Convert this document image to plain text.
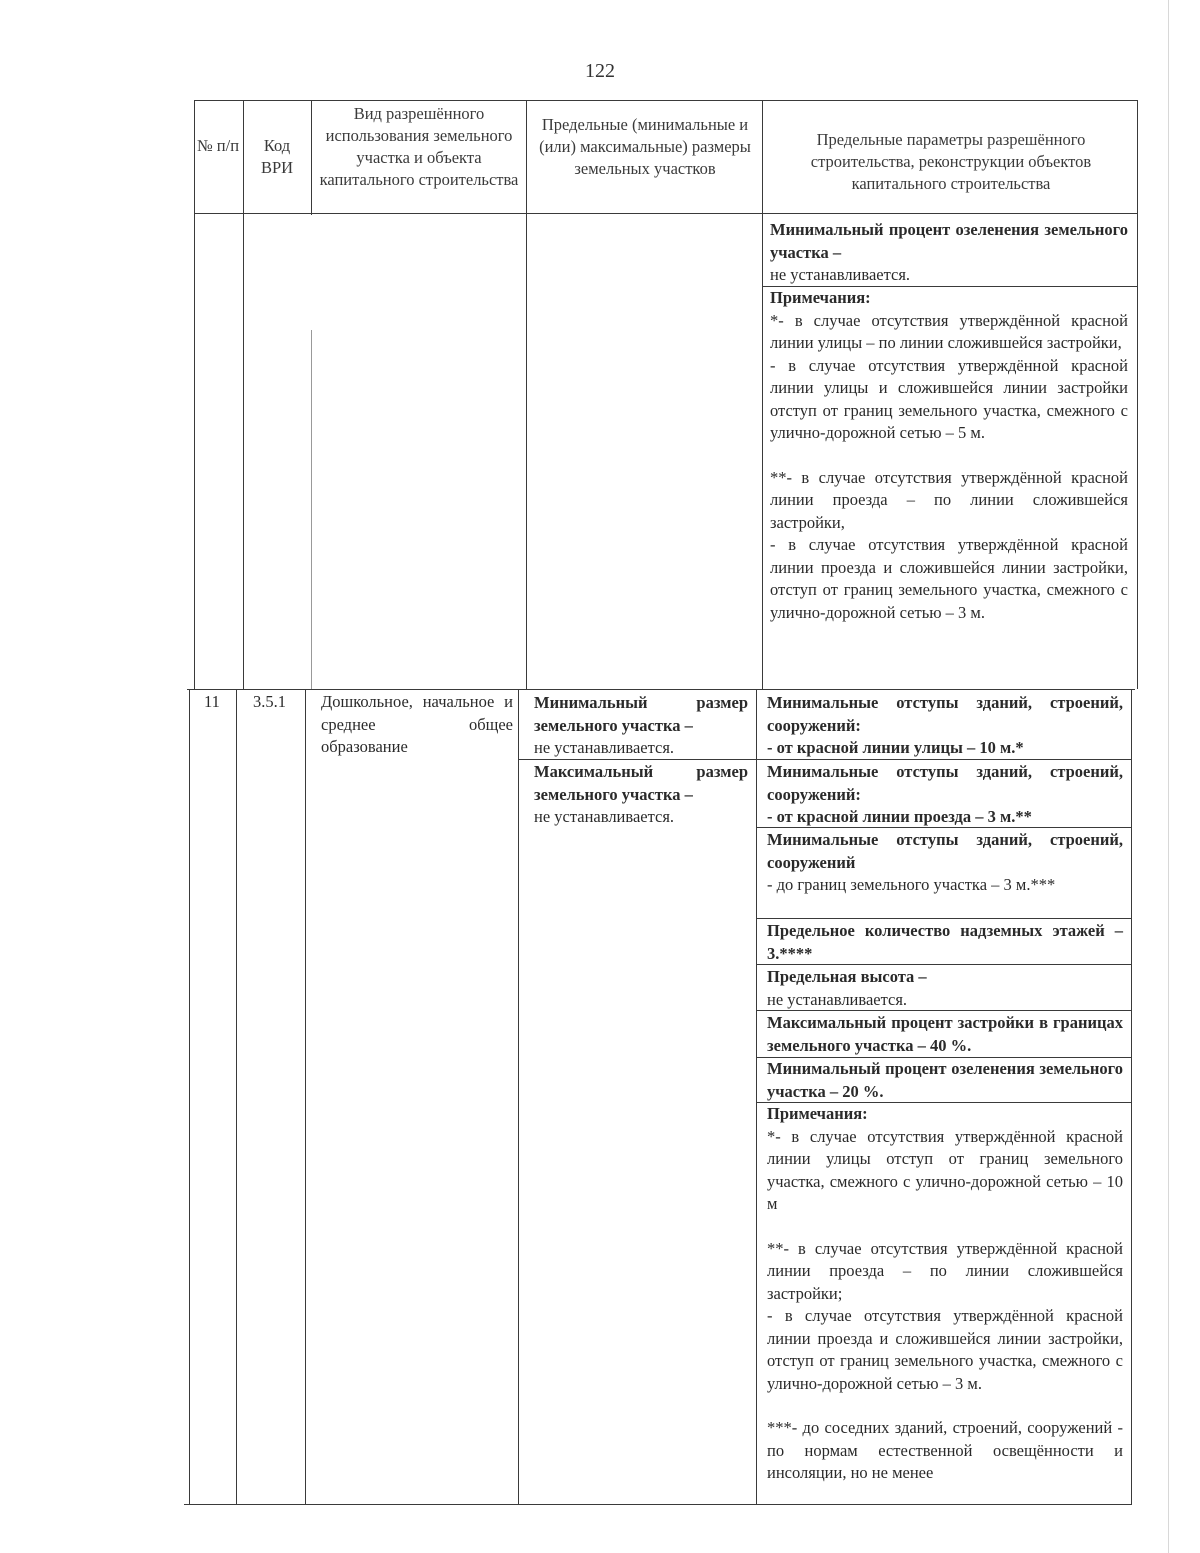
122
№ п/п	Код ВРИ
Вид разрешённого использования земельного участка и объекта капитального строительства
Предельные (минимальные и (или) максимальные) размеры земельных участков
Предельные параметры разрешённого строительства, реконструкции объектов капитального строительства
Минимальный процент озеленения земельного участка –
не устанавливается.
Примечания:
*- в случае отсутствия утверждённой красной линии улицы – по линии сложившейся застройки,
- в случае отсутствия утверждённой красной линии улицы и сложившейся линии застройки отступ от границ земельного участка, смежного с улично-дорожной сетью – 5 м.
**- в случае отсутствия утверждённой красной линии проезда – по линии сложившейся застройки,
- в случае отсутствия утверждённой красной линии проезда и сложившейся линии застройки, отступ от границ земельного участка, смежного с улично-дорожной сетью – 3 м.
11 3.5.1 Дошкольное, начальное и среднее общее образование
Минимальный размер земельного участка –
не устанавливается.
Максимальный размер земельного участка –
не устанавливается.
Минимальные отступы зданий, строений, сооружений:
- от красной линии улицы – 10 м.*
Минимальные отступы зданий, строений, сооружений:
- от красной линии проезда – 3 м.**
Минимальные отступы зданий, строений, сооружений
- до границ земельного участка – 3 м.***
Предельное количество надземных этажей – 3.****
Предельная высота –
не устанавливается.
Максимальный процент застройки в границах земельного участка – 40 %.
Минимальный процент озеленения земельного участка – 20 %.
Примечания:
*- в случае отсутствия утверждённой красной линии улицы отступ от границ земельного участка, смежного с улично-дорожной сетью – 10 м
**- в случае отсутствия утверждённой красной линии проезда – по линии сложившейся застройки;
- в случае отсутствия утверждённой красной линии проезда и сложившейся линии застройки, отступ от границ земельного участка, смежного с улично-дорожной сетью – 3 м.
***- до соседних зданий, строений, сооружений - по нормам естественной освещённости и инсоляции, но не менее
